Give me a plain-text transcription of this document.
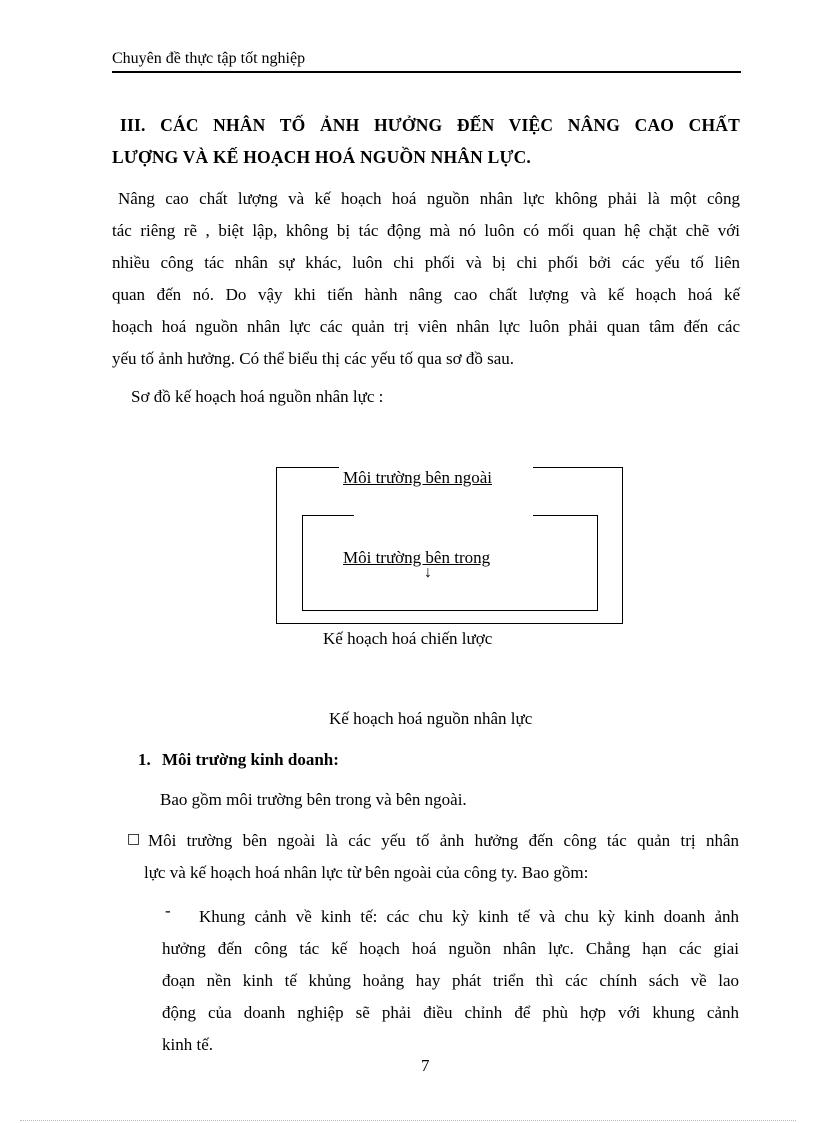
Chuyên đề thực tập tốt nghiệp
III. CÁC NHÂN TỐ ẢNH HƯỞNG ĐẾN VIỆC NÂNG CAO CHẤT
LƯỢNG VÀ KẾ HOẠCH HOÁ NGUỒN NHÂN LỰC.
Nâng cao chất lượng và kế hoạch hoá nguồn nhân lực không phải là một công
tác riêng rẽ , biệt lập, không bị tác động mà nó luôn có mối quan hệ chặt chẽ với
nhiều công tác nhân sự khác, luôn chi phối và bị chi phối bởi các yếu tố liên
quan đến nó. Do vậy khi tiến hành nâng cao chất lượng và kế hoạch hoá kế
hoạch hoá nguồn nhân lực các quản trị viên nhân lực luôn phải quan tâm đến các
yếu tố ảnh hưởng. Có thể biểu thị các yếu tố qua sơ đồ sau.
Sơ đồ kế hoạch hoá nguồn nhân lực :
Môi trường bên ngoài
Môi trường bên trong
↓
Kế hoạch hoá chiến lược
Kế hoạch hoá nguồn nhân lực
1. Môi trường kinh doanh:
Bao gồm môi trường bên trong và bên ngoài.
□ Môi trường bên ngoài là các yếu tố ảnh hưởng đến công tác quản trị nhân
lực và kế hoạch hoá nhân lực từ bên ngoài của công ty. Bao gồm:
- Khung cảnh về kinh tế: các chu kỳ kinh tế và chu kỳ kinh doanh ảnh
hưởng đến công tác kế hoạch hoá nguồn nhân lực. Chẳng hạn các giai
đoạn nền kinh tế khủng hoảng hay phát triển thì các chính sách về lao
động của doanh nghiệp sẽ phải điều chỉnh để phù hợp với khung cảnh
kinh tế.
7
